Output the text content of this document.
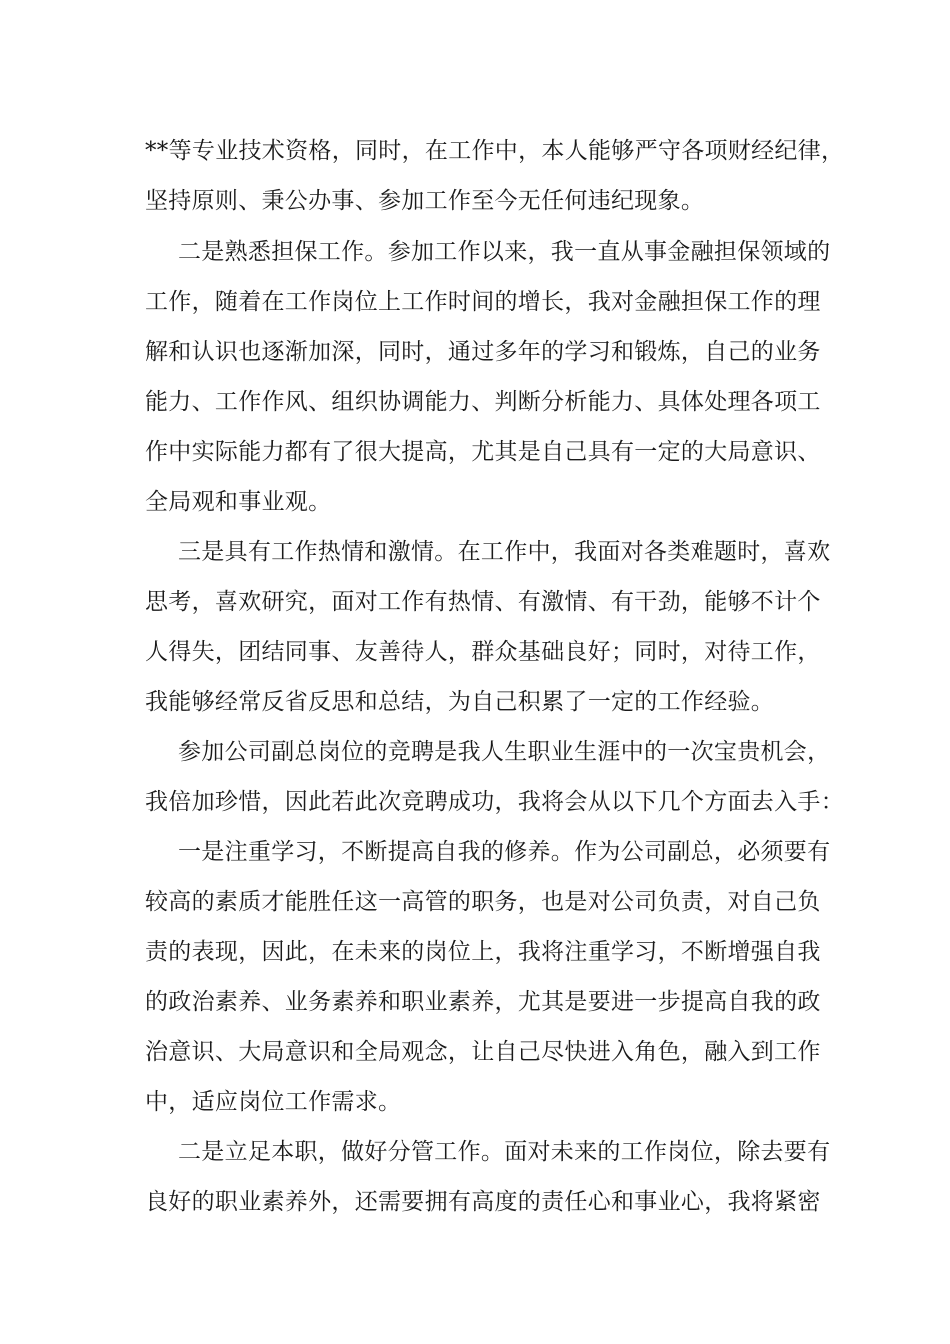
**等专业技术资格，同时，在工作中，本人能够严守各项财经纪律，
坚持原则、秉公办事、参加工作至今无任何违纪现象。
二是熟悉担保工作。参加工作以来，我一直从事金融担保领域的
工作，随着在工作岗位上工作时间的增长，我对金融担保工作的理
解和认识也逐渐加深，同时，通过多年的学习和锻炼，自己的业务
能力、工作作风、组织协调能力、判断分析能力、具体处理各项工
作中实际能力都有了很大提高，尤其是自己具有一定的大局意识、
全局观和事业观。
三是具有工作热情和激情。在工作中，我面对各类难题时，喜欢
思考，喜欢研究，面对工作有热情、有激情、有干劲，能够不计个
人得失，团结同事、友善待人，群众基础良好；同时，对待工作，
我能够经常反省反思和总结，为自己积累了一定的工作经验。
参加公司副总岗位的竞聘是我人生职业生涯中的一次宝贵机会，
我倍加珍惜，因此若此次竞聘成功，我将会从以下几个方面去入手：
一是注重学习，不断提高自我的修养。作为公司副总，必须要有
较高的素质才能胜任这一高管的职务，也是对公司负责，对自己负
责的表现，因此，在未来的岗位上，我将注重学习，不断增强自我
的政治素养、业务素养和职业素养，尤其是要进一步提高自我的政
治意识、大局意识和全局观念，让自己尽快进入角色，融入到工作
中，适应岗位工作需求。
二是立足本职，做好分管工作。面对未来的工作岗位，除去要有
良好的职业素养外，还需要拥有高度的责任心和事业心，我将紧密
